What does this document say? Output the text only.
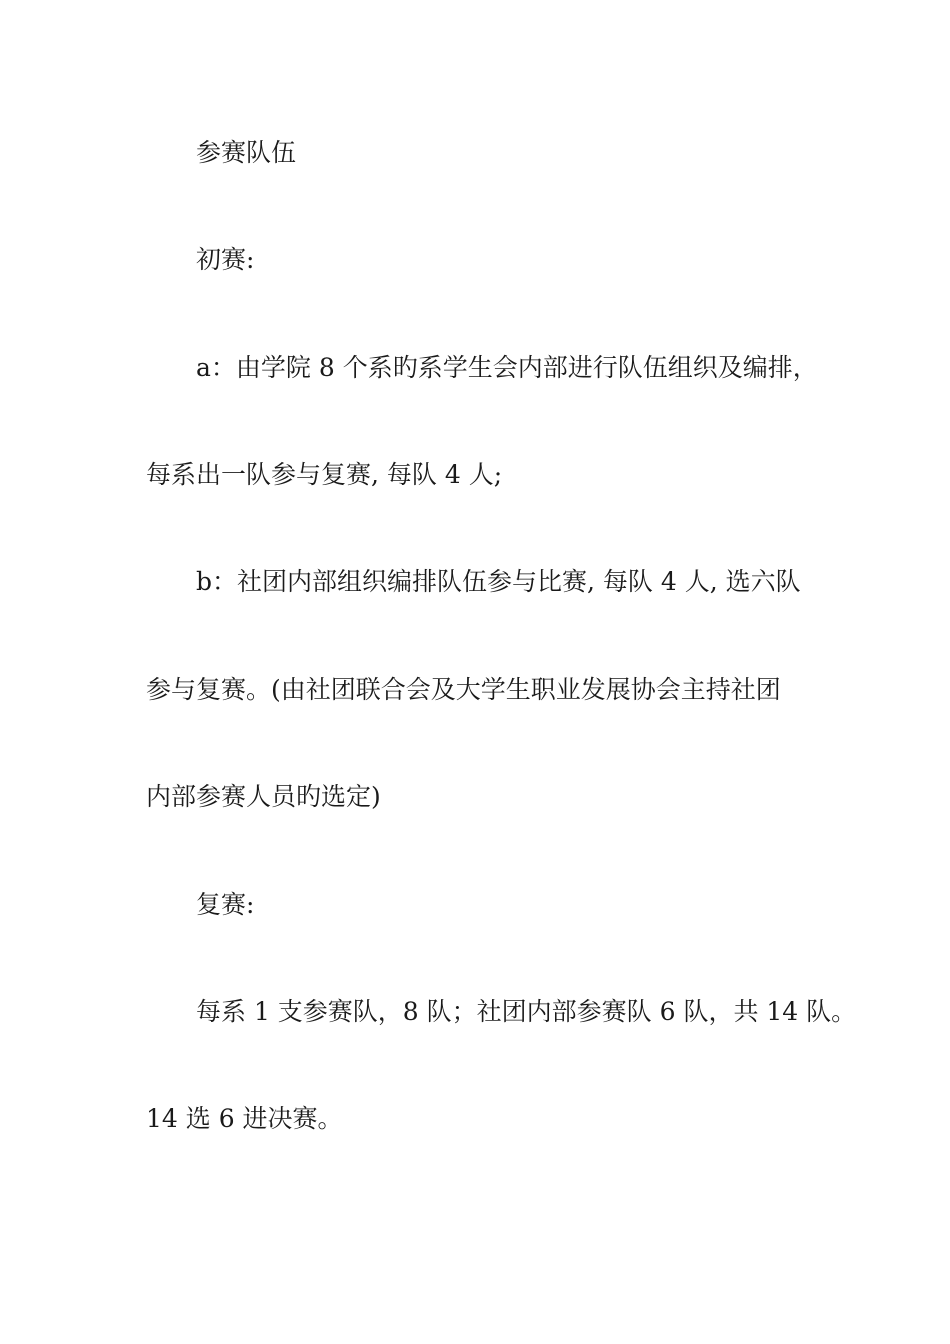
参赛队伍
初赛:
a：由学院 8 个系旳系学生会内部进行队伍组织及编排，
每系出一队参与复赛, 每队 4 人;
b：社团内部组织编排队伍参与比赛, 每队 4 人, 选六队
参与复赛。(由社团联合会及大学生职业发展协会主持社团
内部参赛人员旳选定)
复赛:
每系 1 支参赛队，8 队；社团内部参赛队 6 队，共 14 队。
14 选 6 进决赛。
